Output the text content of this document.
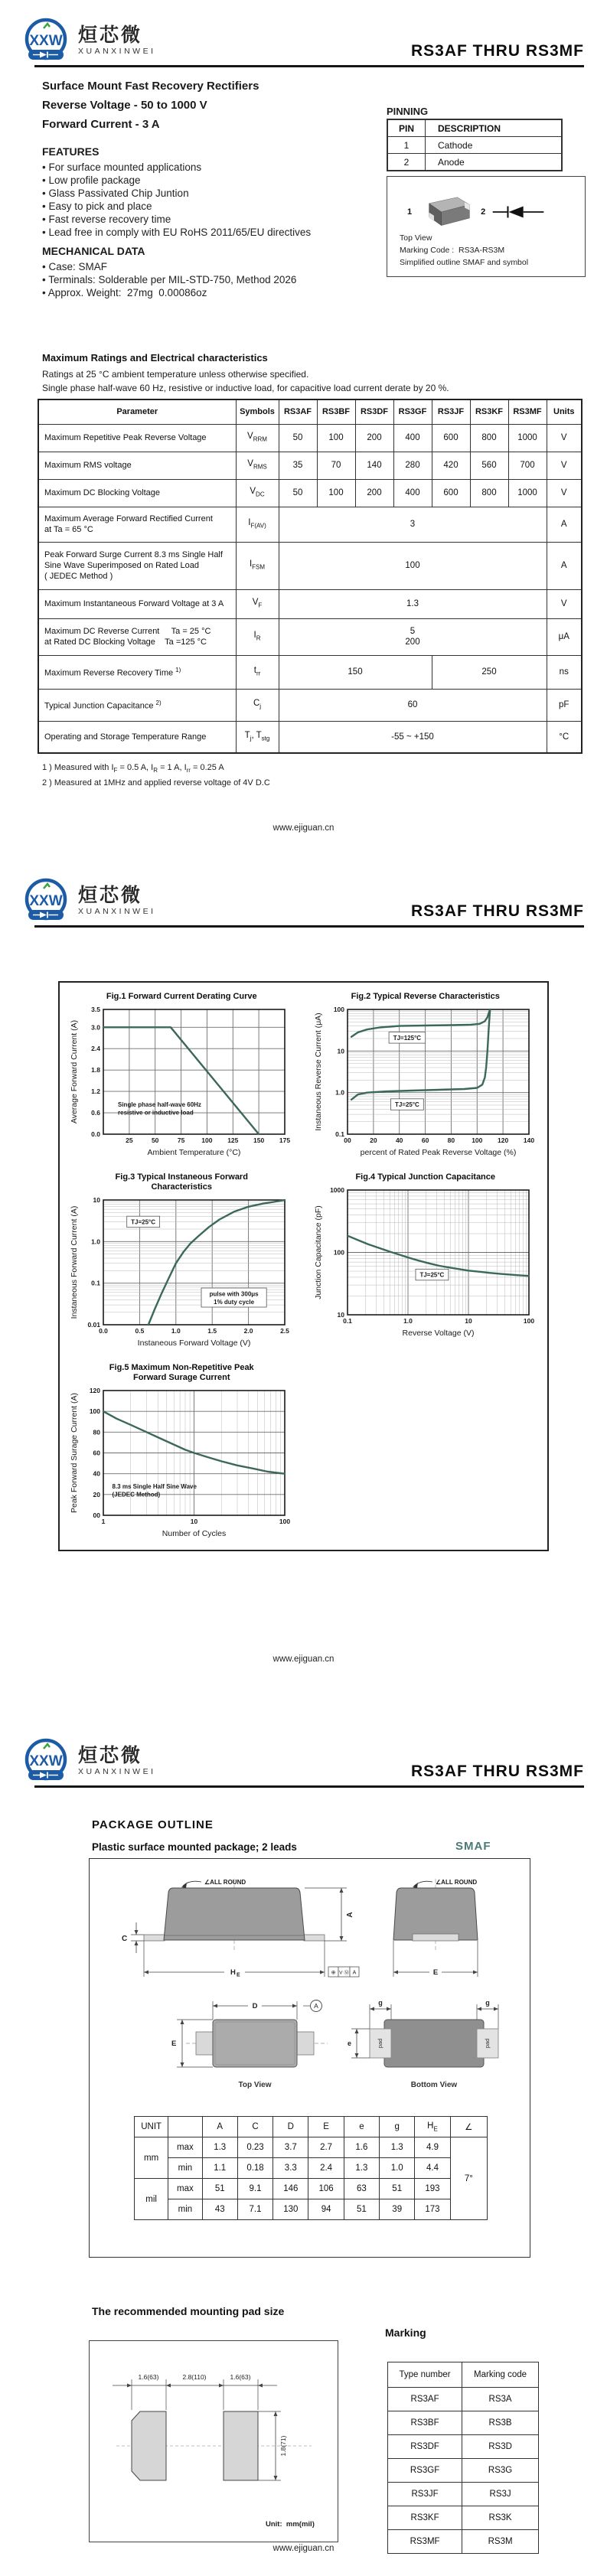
XXW 烜芯微
XUANXINWEI	RS3AF THRU RS3MF
Surface Mount Fast Recovery Rectifiers
Reverse Voltage - 50 to 1000 V
Forward Current - 3 A
FEATURES
• For surface mounted applications
• Low profile package
• Glass Passivated Chip Juntion
• Easy to pick and place
• Fast reverse recovery time
• Lead free in comply with EU RoHS 2011/65/EU directives
MECHANICAL DATA
• Case: SMAF
• Terminals: Solderable per MIL-STD-750, Method 2026
• Approx. Weight:  27mg  0.00086oz
PINNING
PIN	DESCRIPTION
1	Cathode
2	Anode
1	2
Top View
Marking Code :  RS3A-RS3M
Simplified outline SMAF and symbol
Maximum Ratings and Electrical characteristics
Ratings at 25 °C ambient temperature unless otherwise specified.
Single phase half-wave 60 Hz, resistive or inductive load, for capacitive load current derate by 20 %.
Parameter	Symbols	RS3AF	RS3BF	RS3DF	RS3GF	RS3JF	RS3KF	RS3MF	Units
Maximum Repetitive Peak Reverse Voltage	$V_{RRM}$	50	100	200	400	600	800	1000	V
Maximum RMS voltage	$V_{RMS}$	35	70	140	280	420	560	700	V
Maximum DC Blocking Voltage	$V_{DC}$	50	100	200	400	600	800	1000	V
Maximum Average Forward Rectified Current
at Ta = 65 °C	$I_{F(AV)}$	3							A
Peak Forward Surge Current 8.3 ms Single Half
Sine Wave Superimposed on Rated Load
( JEDEC Method )	$I_{FSM}$	100							A
Maximum Instantaneous Forward Voltage at 3 A	$V_F$	1.3							V
Maximum DC Reverse Current     Ta = 25 °C
at Rated DC Blocking Voltage    Ta =125 °C	$I_R$	5
200							μA
Maximum Reverse Recovery Time $^{1)}$	$t_{rr}$	150				250			ns
Typical Junction Capacitance $^{2)}$	$C_j$	60							pF
Operating and Storage Temperature Range	$T_j$, $T_{stg}$	-55 ~ +150							°C
1 ) Measured with $I_F = 0.5$ A, $I_R = 1$ A, $I_{rr} = 0.25$ A
2 ) Measured at 1MHz and applied reverse voltage of 4V D.C
www.ejiguan.cn
XXW 烜芯微
XUANXINWEI	RS3AF THRU RS3MF
Fig.1 Forward Current Derating Curve
25	50	75	100 125 150 175
0.0
0.6
1.2
1.8
2.4
3.0
3.5
Ambient Temperature (°C)
Average Forward Current (A)	Single phase half-wave 60Hz
resistive or inductive load
Fig.2 Typical Reverse Characteristics
00	20	40	60	80	100 120 140
0.1
1.0
10
100
percent of Rated Peak Reverse Voltage (%)
Instaneous Reverse Current (μA)	TJ=125°C
TJ=25°C
Fig.3 Typical Instaneous Forward
Characteristics
0.0	0.5	1.0	1.5	2.0	2.5
0.01
0.1
1.0
10
Instaneous Forward Voltage (V)
Instaneous Forward Current (A)	TJ=25°C
pulse with 300μs
1% duty cycle
Fig.4 Typical Junction Capacitance
0.1	1.0	10	100
10
100
1000
Reverse Voltage (V)
Junction Capacitance (pF)	TJ=25°C
Fig.5 Maximum Non-Repetitive Peak
Forward Surage Current
1	10	100
00
20
40
60
80
100
120
Number of Cycles
Peak Forward Surage Current (A)	8.3 ms Single Half Sine Wave
(JEDEC Method)
www.ejiguan.cn
XXW 烜芯微
XUANXINWEI	RS3AF THRU RS3MF
PACKAGE OUTLINE
Plastic surface mounted package; 2 leads	SMAF
∠ALL ROUND
C
A
H E	⊕ V Ⓜ A
∠ALL ROUND
E
D	A
E
g	g
pad	pad
e
Top View	Bottom View
UNIT		A	C	D	E	e	g	$H_E$	∠
mm	max	1.3	0.23	3.7	2.7	1.6	1.3	4.9	7°
	min	1.1	0.18	3.3	2.4	1.3	1.0	4.4	
mil	max	51	9.1	146	106	63	51	193	
	min	43	7.1	130	94	51	39	173	
The recommended mounting pad size
Marking
1.6(63)	2.8(110)	1.6(63)
1.8(71)
Unit:  mm(mil)
Type number	Marking code
RS3AF	RS3A
RS3BF	RS3B
RS3DF	RS3D
RS3GF	RS3G
RS3JF	RS3J
RS3KF	RS3K
RS3MF	RS3M
www.ejiguan.cn
